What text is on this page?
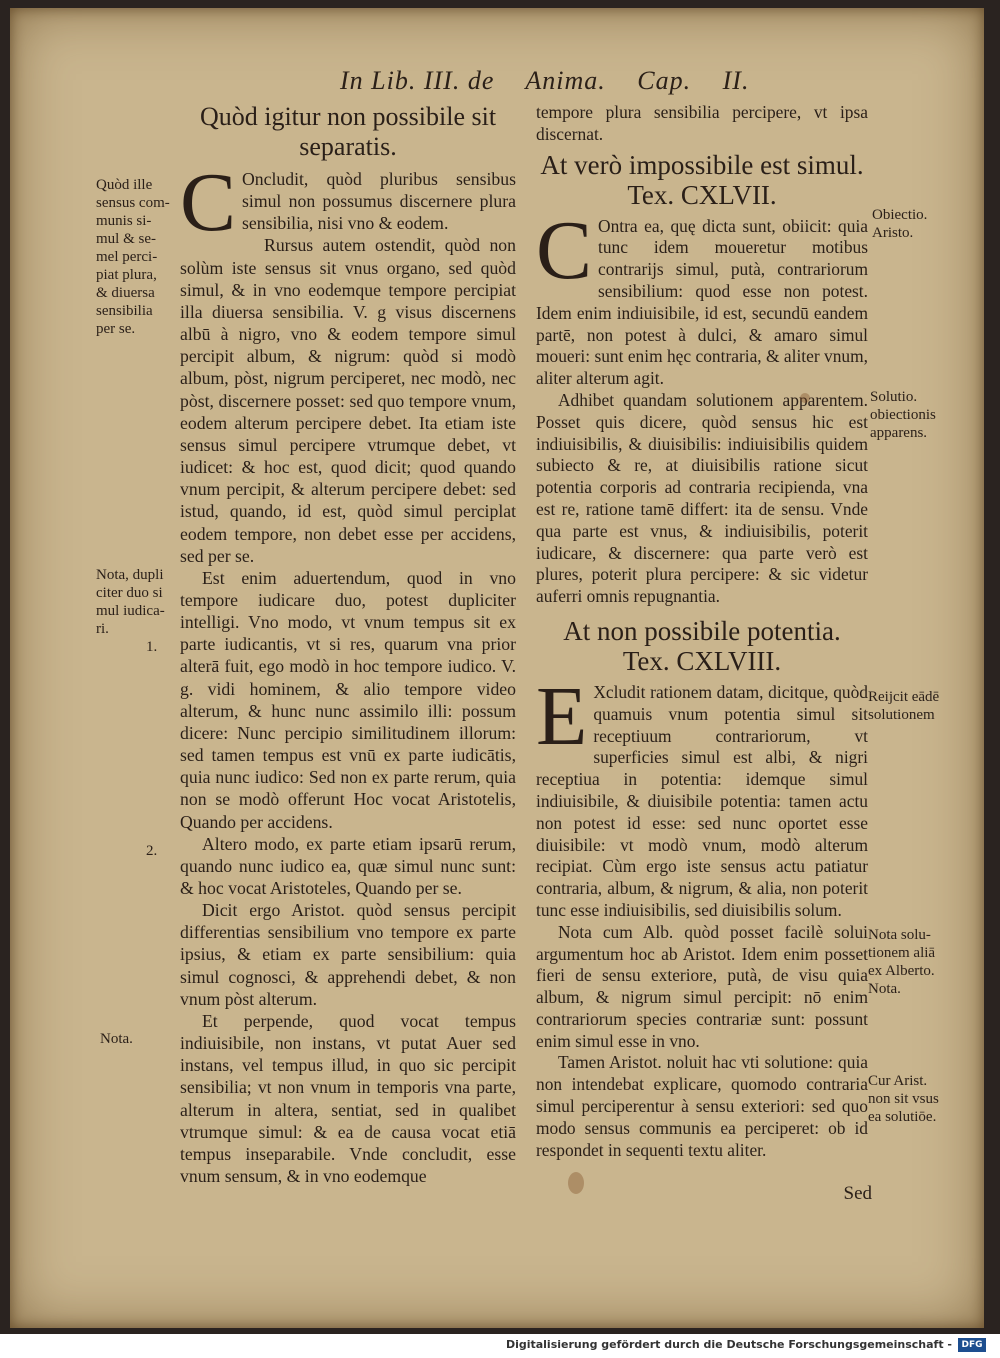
In Lib. III. de Anima. Cap. II.
Quòd igitur non possibile sit separatis.
C Oncludit, quòd pluribus sensibus simul non possumus discernere plura sensibilia, nisi vno & eodem.

Rursus autem ostendit, quòd non solùm iste sensus sit vnus organo, sed quòd simul, & in vno eodemque tempore percipiat illa diuersa sensibilia. V. g visus discernens albū à nigro, vno & eodem tempore simul percipit album, & nigrum: quòd si modò album, pòst, nigrum perciperet, nec modò, nec pòst, discernere posset: sed quo tempore vnum, eodem alterum percipere debet. Ita etiam iste sensus simul percipere vtrumque debet, vt iudicet: & hoc est, quod dicit; quod quando vnum percipit, & alterum percipere debet: sed istud, quando, id est, quòd simul perciplat eodem tempore, non debet esse per accidens, sed per se.

Est enim aduertendum, quod in vno tempore iudicare duo, potest dupliciter intelligi. Vno modo, vt vnum tempus sit ex parte iudicantis, vt si res, quarum vna prior alterā fuit, ego modò in hoc tempore iudico. V. g. vidi hominem, & alio tempore video alterum, & hunc nunc assimilo illi: possum dicere: Nunc percipio similitudinem illorum: sed tamen tempus est vnū ex parte iudicātis, quia nunc iudico: Sed non ex parte rerum, quia non se modò offerunt Hoc vocat Aristotelis, Quando per accidens.

Altero modo, ex parte etiam ipsarū rerum, quando nunc iudico ea, quæ simul nunc sunt: & hoc vocat Aristoteles, Quando per se.

Dicit ergo Aristot. quòd sensus percipit differentias sensibilium vno tempore ex parte ipsius, & etiam ex parte sensibilium: quia simul cognosci, & apprehendi debet, & non vnum pòst alterum.

Et perpende, quod vocat tempus indiuisibile, non instans, vt putat Auer sed instans, vel tempus illud, in quo sic percipit sensibilia; vt non vnum in temporis vna parte, alterum in altera, sentiat, sed in qualibet vtrumque simul: & ea de causa vocat etiā tempus inseparabile. Vnde concludit, esse vnum sensum, & in vno eodemque

Quòd ille
sensus com-
munis si-
mul & se-
mel perci-
piat plura,
& diuersa
sensibilia
per se.
Nota, dupli
citer duo si
mul iudica-
ri.
1.
2.
Nota.

tempore plura sensibilia percipere, vt ipsa discernat.

At verò impossibile est simul.
Tex. CXLVII.
C Ontra ea, quę dicta sunt, obiicit: quia tunc idem moueretur motibus contrarijs simul, putà, contrariorum sensibilium: quod esse non potest. Idem enim indiuisibile, id est, secundū eandem partē, non potest à dulci, & amaro simul moueri: sunt enim hęc contraria, & aliter vnum, aliter alterum agit.

Adhibet quandam solutionem apparentem. Posset quis dicere, quòd sensus hic est indiuisibilis, & diuisibilis: indiuisibilis quidem subiecto & re, at diuisibilis ratione sicut potentia corporis ad contraria recipienda, vna est re, ratione tamē differt: ita de sensu. Vnde qua parte est vnus, & indiuisibilis, poterit iudicare, & discernere: qua parte verò est plures, poterit plura percipere: & sic videtur auferri omnis repugnantia.

At non possibile potentia.
Tex. CXLVIII.
E Xcludit rationem datam, dicitque, quòd quamuis vnum potentia simul sit receptiuum contrariorum, vt superficies simul est albi, & nigri receptiua in potentia: idemque simul indiuisibile, & diuisibile potentia: tamen actu non potest id esse: sed nunc oportet esse diuisibile: vt modò vnum, modò alterum recipiat. Cùm ergo iste sensus actu patiatur contraria, album, & nigrum, & alia, non poterit tunc esse indiuisibilis, sed diuisibilis solum.

Nota cum Alb. quòd posset facilè solui argumentum hoc ab Aristot. Idem enim posset fieri de sensu exteriore, putà, de visu quia album, & nigrum simul percipit: nō enim contrariorum species contrariæ sunt: possunt enim simul esse in vno.

Tamen Aristot. noluit hac vti solutione: quia non intendebat explicare, quomodo contraria simul perciperentur à sensu exteriori: sed quo modo sensus communis ea perciperet: ob id respondet in sequenti textu aliter.

Obiectio.
Aristo.
Solutio.
obiectionis
apparens.
Reijcit eādē
solutionem
Nota solu-
tionem aliā
ex Alberto.
Nota.
Cur Arist.
non sit vsus
ea solutiōe.
Sed
Digitalisierung gefördert durch die Deutsche Forschungsgemeinschaft -	DFG
